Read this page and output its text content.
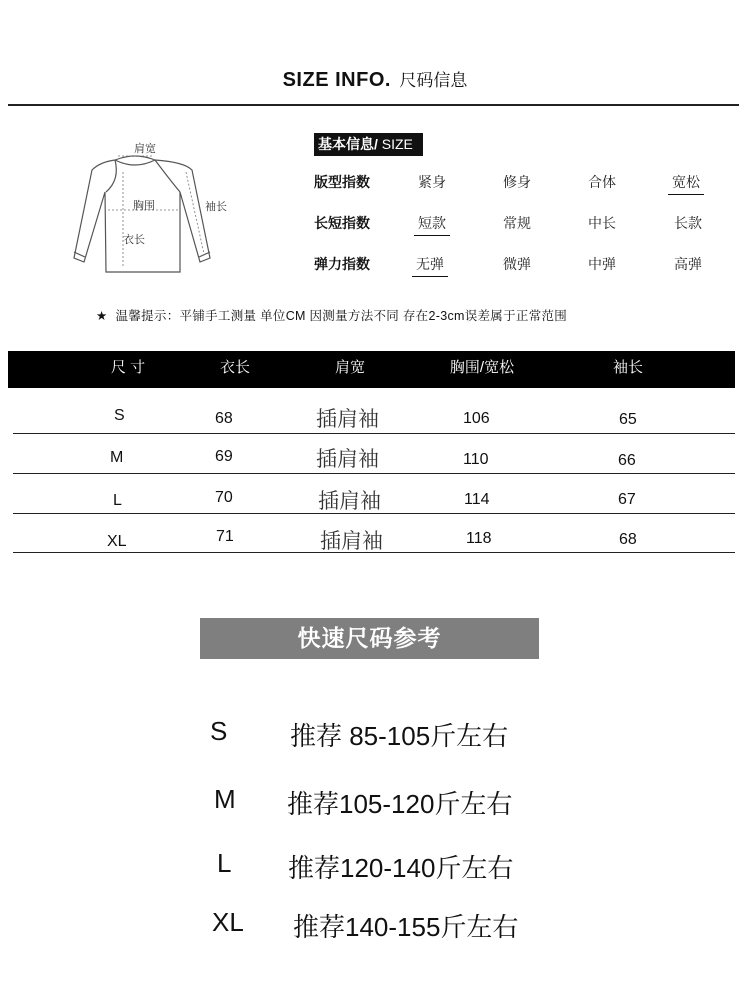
SIZE INFO. 尺码信息
肩宽
胸围
衣长
袖长
基本信息/ SIZE
版型指数	紧身	修身	合体	宽松
长短指数	短款	常规	中长	长款
弹力指数	无弹	微弹	中弹	高弹
★ 温馨提示：平铺手工测量 单位CM 因测量方法不同 存在2-3cm误差属于正常范围
尺 寸	衣长	肩宽	胸围/宽松	袖长
S	68	插肩袖	106	65
M	69	插肩袖	110	66
L	70	插肩袖	114	67
XL	71	插肩袖	118	68
快速尺码参考
S 推荐 85-105斤左右
M 推荐105-120斤左右
L 推荐120-140斤左右
XL 推荐140-155斤左右
